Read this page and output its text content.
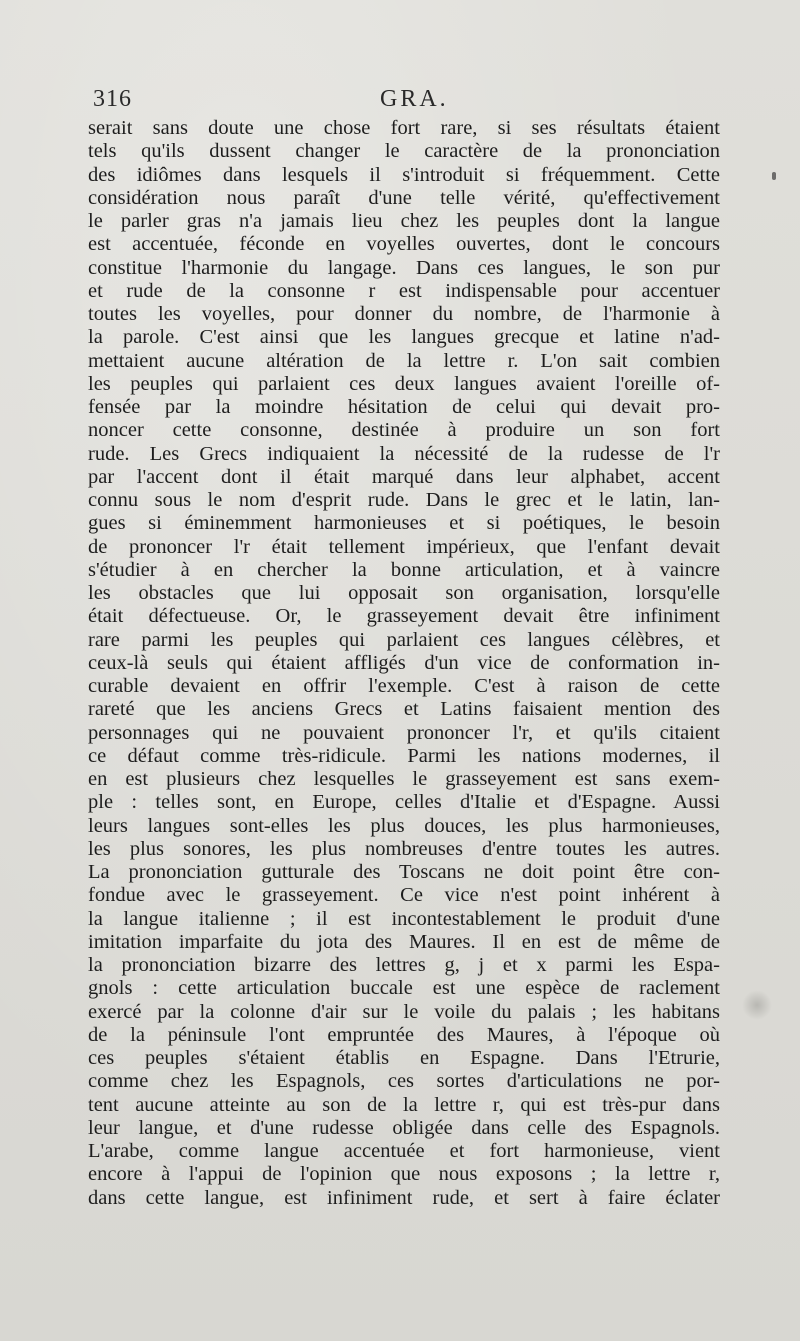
316	GRA.
serait sans doute une chose fort rare, si ses résultats étaient
tels qu'ils dussent changer le caractère de la prononciation
des idiômes dans lesquels il s'introduit si fréquemment. Cette
considération nous paraît d'une telle vérité, qu'effectivement
le parler gras n'a jamais lieu chez les peuples dont la langue
est accentuée, féconde en voyelles ouvertes, dont le concours
constitue l'harmonie du langage. Dans ces langues, le son pur
et rude de la consonne r est indispensable pour accentuer
toutes les voyelles, pour donner du nombre, de l'harmonie à
la parole. C'est ainsi que les langues grecque et latine n'ad-
mettaient aucune altération de la lettre r. L'on sait combien
les peuples qui parlaient ces deux langues avaient l'oreille of-
fensée par la moindre hésitation de celui qui devait pro-
noncer cette consonne, destinée à produire un son fort
rude. Les Grecs indiquaient la nécessité de la rudesse de l'r
par l'accent dont il était marqué dans leur alphabet, accent
connu sous le nom d'esprit rude. Dans le grec et le latin, lan-
gues si éminemment harmonieuses et si poétiques, le besoin
de prononcer l'r était tellement impérieux, que l'enfant devait
s'étudier à en chercher la bonne articulation, et à vaincre
les obstacles que lui opposait son organisation, lorsqu'elle
était défectueuse. Or, le grasseyement devait être infiniment
rare parmi les peuples qui parlaient ces langues célèbres, et
ceux-là seuls qui étaient affligés d'un vice de conformation in-
curable devaient en offrir l'exemple. C'est à raison de cette
rareté que les anciens Grecs et Latins faisaient mention des
personnages qui ne pouvaient prononcer l'r, et qu'ils citaient
ce défaut comme très-ridicule. Parmi les nations modernes, il
en est plusieurs chez lesquelles le grasseyement est sans exem-
ple : telles sont, en Europe, celles d'Italie et d'Espagne. Aussi
leurs langues sont-elles les plus douces, les plus harmonieuses,
les plus sonores, les plus nombreuses d'entre toutes les autres.
La prononciation gutturale des Toscans ne doit point être con-
fondue avec le grasseyement. Ce vice n'est point inhérent à
la langue italienne ; il est incontestablement le produit d'une
imitation imparfaite du jota des Maures. Il en est de même de
la prononciation bizarre des lettres g, j et x parmi les Espa-
gnols : cette articulation buccale est une espèce de raclement
exercé par la colonne d'air sur le voile du palais ; les habitans
de la péninsule l'ont empruntée des Maures, à l'époque où
ces peuples s'étaient établis en Espagne. Dans l'Etrurie,
comme chez les Espagnols, ces sortes d'articulations ne por-
tent aucune atteinte au son de la lettre r, qui est très-pur dans
leur langue, et d'une rudesse obligée dans celle des Espagnols.
L'arabe, comme langue accentuée et fort harmonieuse, vient
encore à l'appui de l'opinion que nous exposons ; la lettre r,
dans cette langue, est infiniment rude, et sert à faire éclater
